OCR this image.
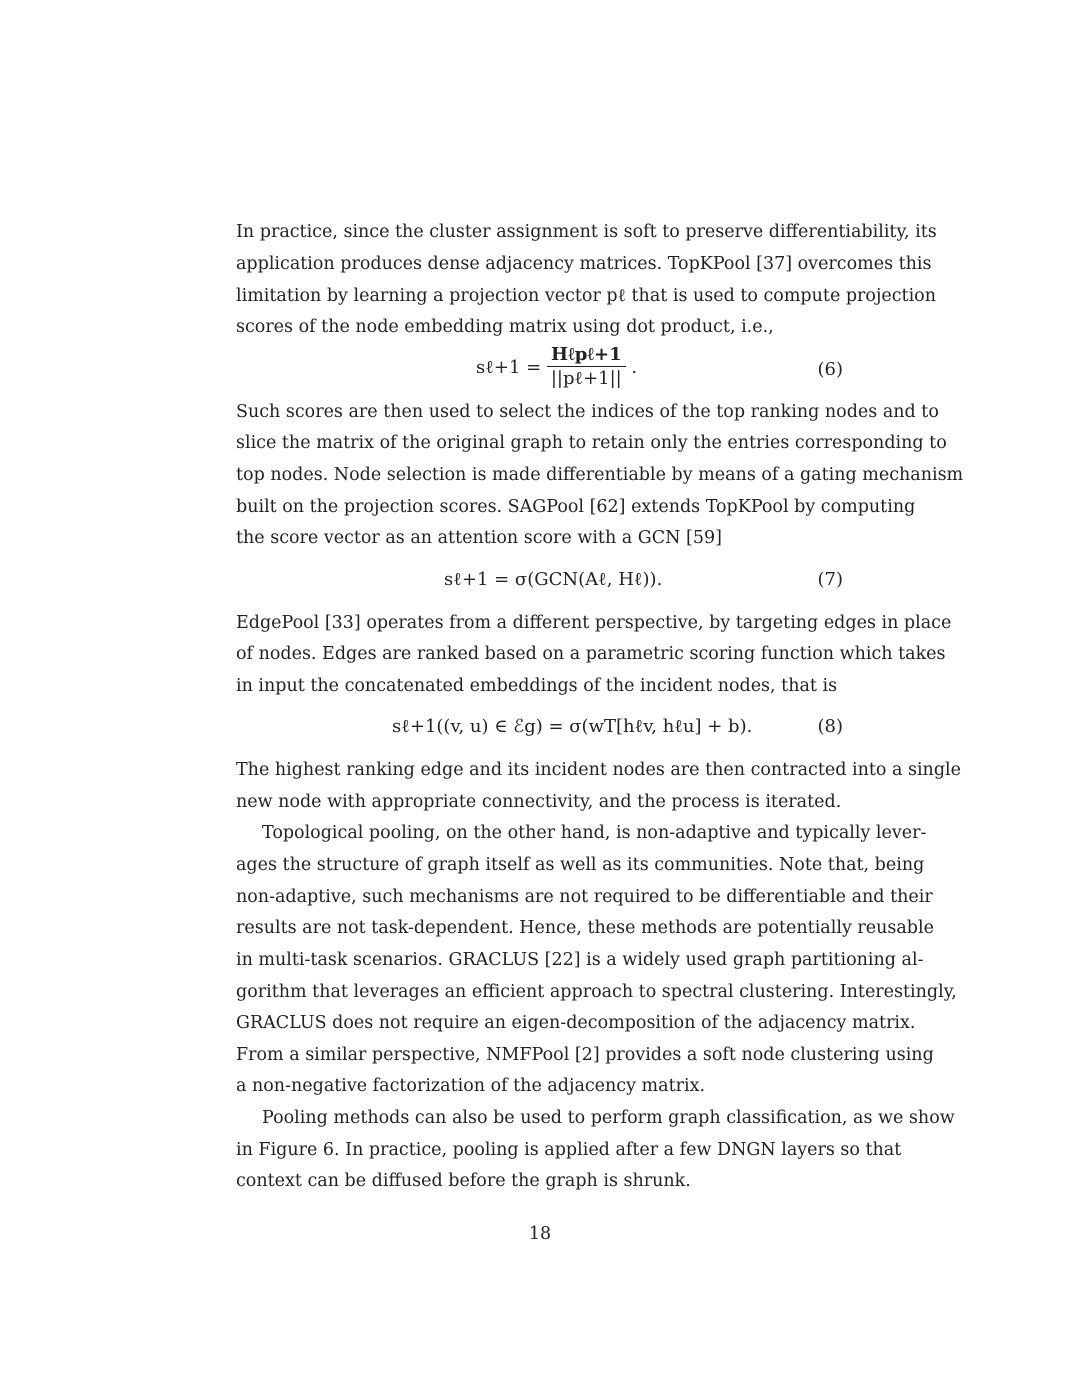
In practice, since the cluster assignment is soft to preserve differentiability, its
application produces dense adjacency matrices. TopKPool [37] overcomes this
limitation by learning a projection vector pℓ that is used to compute projection
scores of the node embedding matrix using dot product, i.e.,
sℓ+1 = $\frac{\text{Hℓpℓ+1}}{\text{||pℓ+1||}}$ .	(6)
Such scores are then used to select the indices of the top ranking nodes and to
slice the matrix of the original graph to retain only the entries corresponding to
top nodes. Node selection is made differentiable by means of a gating mechanism
built on the projection scores. SAGPool [62] extends TopKPool by computing
the score vector as an attention score with a GCN [59]
sℓ+1 = σ(GCN(Aℓ, Hℓ)).	(7)
EdgePool [33] operates from a different perspective, by targeting edges in place
of nodes. Edges are ranked based on a parametric scoring function which takes
in input the concatenated embeddings of the incident nodes, that is
sℓ+1((v, u) ∈ ℰg) = σ(wT[hℓv, hℓu] + b).	(8)
The highest ranking edge and its incident nodes are then contracted into a single
new node with appropriate connectivity, and the process is iterated.
Topological pooling, on the other hand, is non-adaptive and typically lever-
ages the structure of graph itself as well as its communities. Note that, being
non-adaptive, such mechanisms are not required to be differentiable and their
results are not task-dependent. Hence, these methods are potentially reusable
in multi-task scenarios. GRACLUS [22] is a widely used graph partitioning al-
gorithm that leverages an efficient approach to spectral clustering. Interestingly,
GRACLUS does not require an eigen-decomposition of the adjacency matrix.
From a similar perspective, NMFPool [2] provides a soft node clustering using
a non-negative factorization of the adjacency matrix.
Pooling methods can also be used to perform graph classification, as we show
in Figure 6. In practice, pooling is applied after a few DNGN layers so that
context can be diffused before the graph is shrunk.
18
